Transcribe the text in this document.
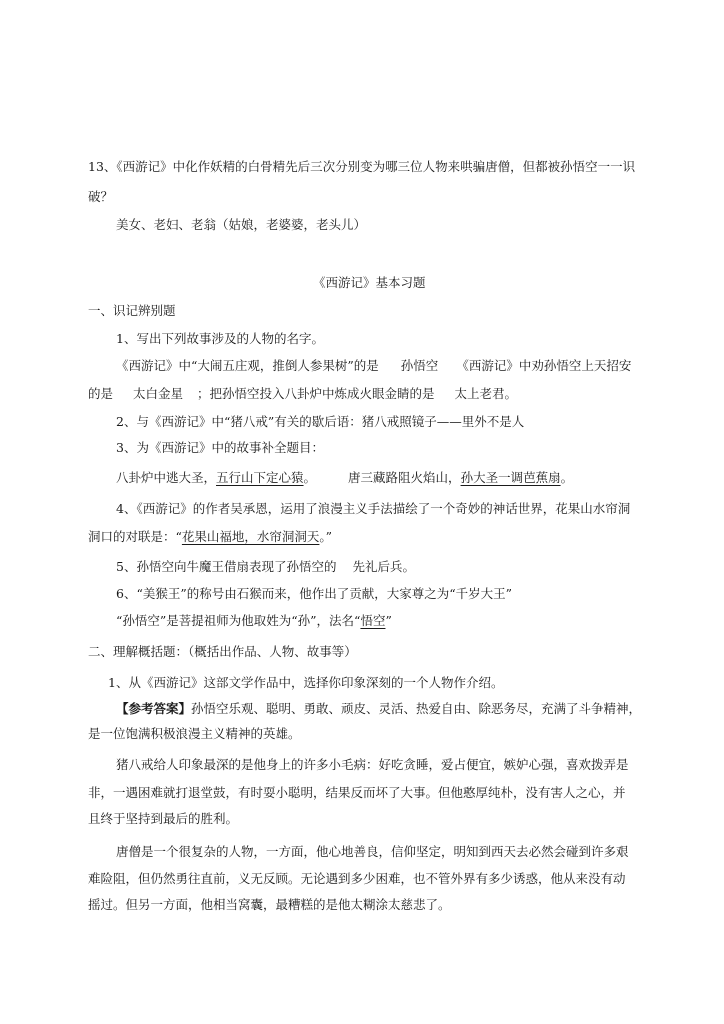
13、《西游记》中化作妖精的白骨精先后三次分别变为哪三位人物来哄骗唐僧，但都被孙悟空一一识
破？
美女、老妇、老翁（姑娘，老婆婆，老头儿）
《西游记》基本习题
一、识记辨别题
1、写出下列故事涉及的人物的名字。
《西游记》中“大闹五庄观，推倒人参果树”的是 孙悟空 《西游记》中劝孙悟空上天招安
的是 太白金星 ；把孙悟空投入八卦炉中炼成火眼金睛的是 太上老君。
2、与《西游记》中“猪八戒”有关的歇后语：猪八戒照镜子——里外不是人
3、为《西游记》中的故事补全题目：
八卦炉中逃大圣，五行山下定心猿。	唐三藏路阻火焰山，孙大圣一调芭蕉扇。
4、《西游记》的作者吴承恩，运用了浪漫主义手法描绘了一个奇妙的神话世界，花果山水帘洞
洞口的对联是：“花果山福地，水帘洞洞天。”
5、孙悟空向牛魔王借扇表现了孙悟空的 先礼后兵。
6、“美猴王”的称号由石猴而来，他作出了贡献，大家尊之为“千岁大王”
“孙悟空”是菩提祖师为他取姓为“孙”，法名“悟空”
二、理解概括题：（概括出作品、人物、故事等）
1、从《西游记》这部文学作品中，选择你印象深刻的一个人物作介绍。
【参考答案】孙悟空乐观、聪明、勇敢、顽皮、灵活、热爱自由、除恶务尽，充满了斗争精神，
是一位饱满积极浪漫主义精神的英雄。
猪八戒给人印象最深的是他身上的许多小毛病：好吃贪睡，爱占便宜，嫉妒心强，喜欢拨弄是
非，一遇困难就打退堂鼓，有时耍小聪明，结果反而坏了大事。但他憨厚纯朴，没有害人之心，并
且终于坚持到最后的胜利。
唐僧是一个很复杂的人物，一方面，他心地善良，信仰坚定，明知到西天去必然会碰到许多艰
难险阻，但仍然勇往直前，义无反顾。无论遇到多少困难，也不管外界有多少诱惑，他从来没有动
摇过。但另一方面，他相当窝囊，最糟糕的是他太糊涂太慈悲了。
